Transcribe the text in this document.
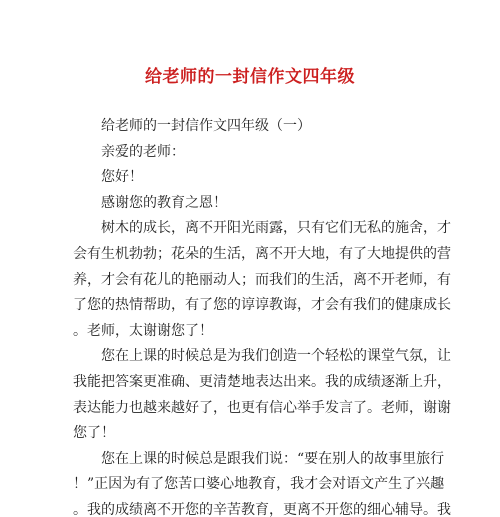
给老师的一封信作文四年级
给老师的一封信作文四年级（一）
亲爱的老师：
您好！
感谢您的教育之恩！
树木的成长，离不开阳光雨露，只有它们无私的施舍，才
会有生机勃勃；花朵的生活，离不开大地，有了大地提供的营
养，才会有花儿的艳丽动人；而我们的生活，离不开老师，有
了您的热情帮助，有了您的谆谆教诲，才会有我们的健康成长
。老师，太谢谢您了！
您在上课的时候总是为我们创造一个轻松的课堂气氛，让
我能把答案更准确、更清楚地表达出来。我的成绩逐渐上升，
表达能力也越来越好了，也更有信心举手发言了。老师，谢谢
您了！
您在上课的时候总是跟我们说：“要在别人的故事里旅行
！”正因为有了您苦口婆心地教育，我才会对语文产生了兴趣
。我的成绩离不开您的辛苦教育，更离不开您的细心辅导。我
